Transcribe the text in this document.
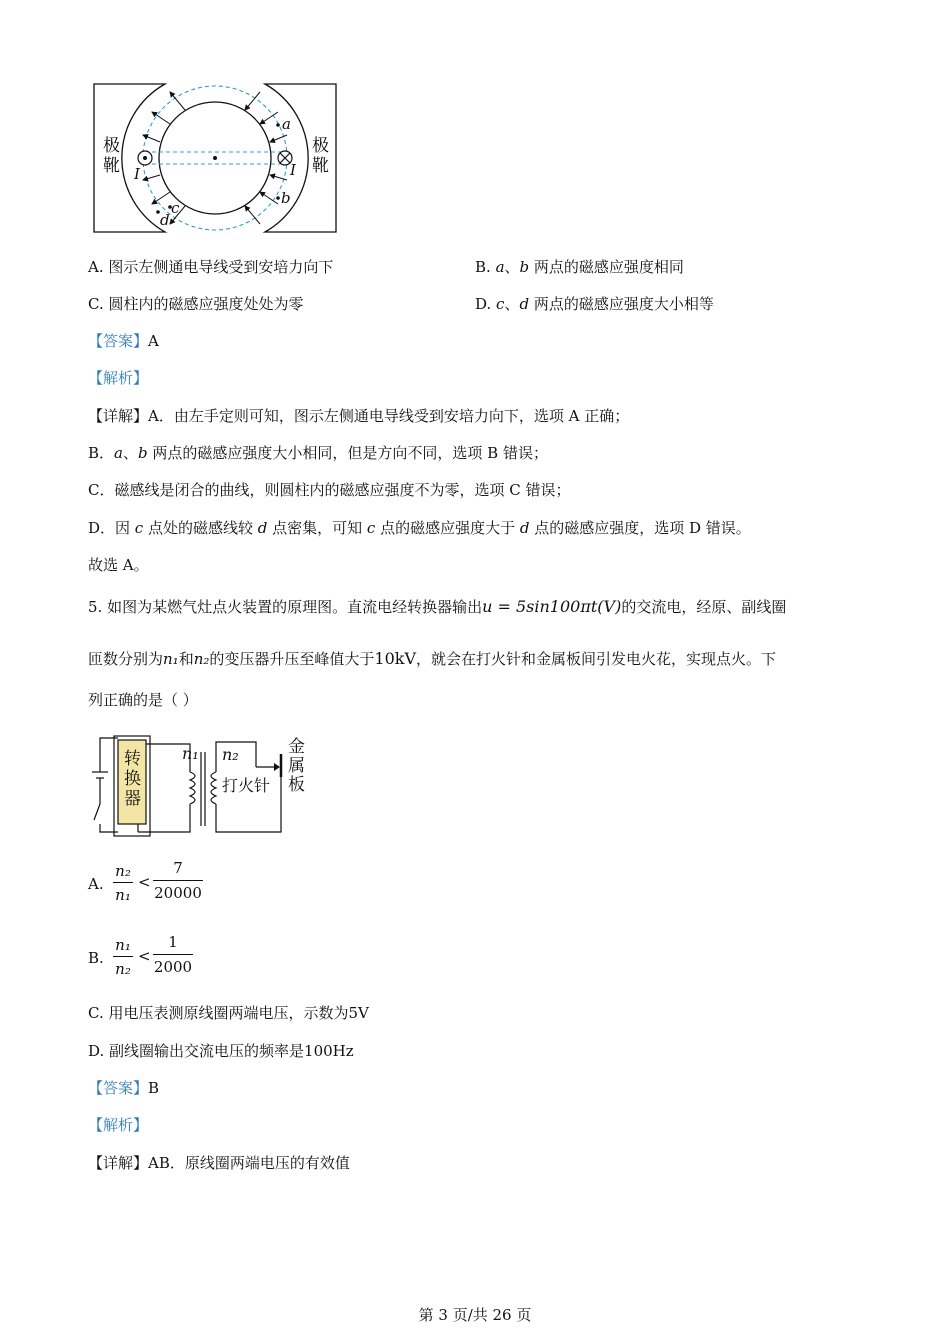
极
靴
极
靴
I	I
a
b
c
d
A. 图示左侧通电导线受到安培力向下	B. a、b 两点的磁感应强度相同
C. 圆柱内的磁感应强度处处为零	D. c、d 两点的磁感应强度大小相等
【答案】A
【解析】
【详解】A．由左手定则可知，图示左侧通电导线受到安培力向下，选项 A 正确；
B．a、b 两点的磁感应强度大小相同，但是方向不同，选项 B 错误；
C．磁感线是闭合的曲线，则圆柱内的磁感应强度不为零，选项 C 错误；
D．因 c 点处的磁感线较 d 点密集，可知 c 点的磁感应强度大于 d 点的磁感应强度，选项 D 错误。
故选 A。
5. 如图为某燃气灶点火装置的原理图。直流电经转换器输出u = 5sin100πt(V)的交流电，经原、副线圈
匝数分别为n₁和n₂的变压器升压至峰值大于10kV，就会在打火针和金属板间引发电火花，实现点火。下
列正确的是（ ）
转
换
器
n₁ n₂
打火针
金
属
板
A.
n₂
n₁
<
7
20000
B.
n₁
n₂
<
1
2000
C. 用电压表测原线圈两端电压，示数为5V
D. 副线圈输出交流电压的频率是100Hz
【答案】B
【解析】
【详解】AB．原线圈两端电压的有效值
第 3 页/共 26 页
